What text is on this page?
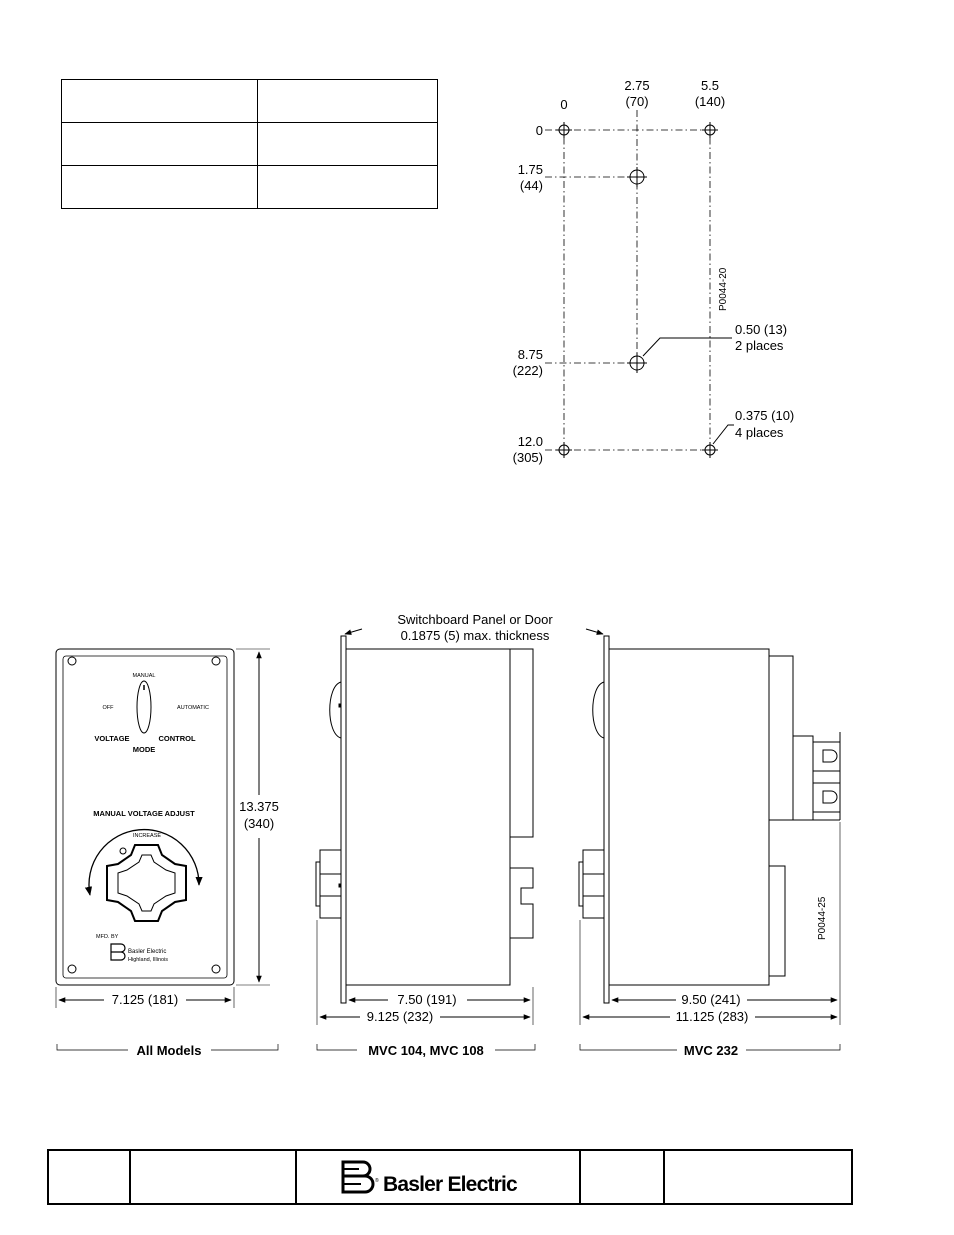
0
2.75
(70)
5.5
(140)
0
1.75
(44)
8.75
(222)
12.0
(305)
0.50 (13)
2 places
0.375 (10)
4 places
P0044-20
MANUAL
OFF	AUTOMATIC
VOLTAGE	CONTROL
MODE
MANUAL VOLTAGE ADJUST
INCREASE
MFD. BY
Basler Electric
Highland, Illinois
13.375
(340)
7.125 (181)
Switchboard Panel or Door
0.1875 (5) max. thickness
7.50 (191)
9.125 (232)
9.50 (241)
11.125 (283)
P0044-25
All Models	MVC 104, MVC 108	MVC 232

® Basler Electric
